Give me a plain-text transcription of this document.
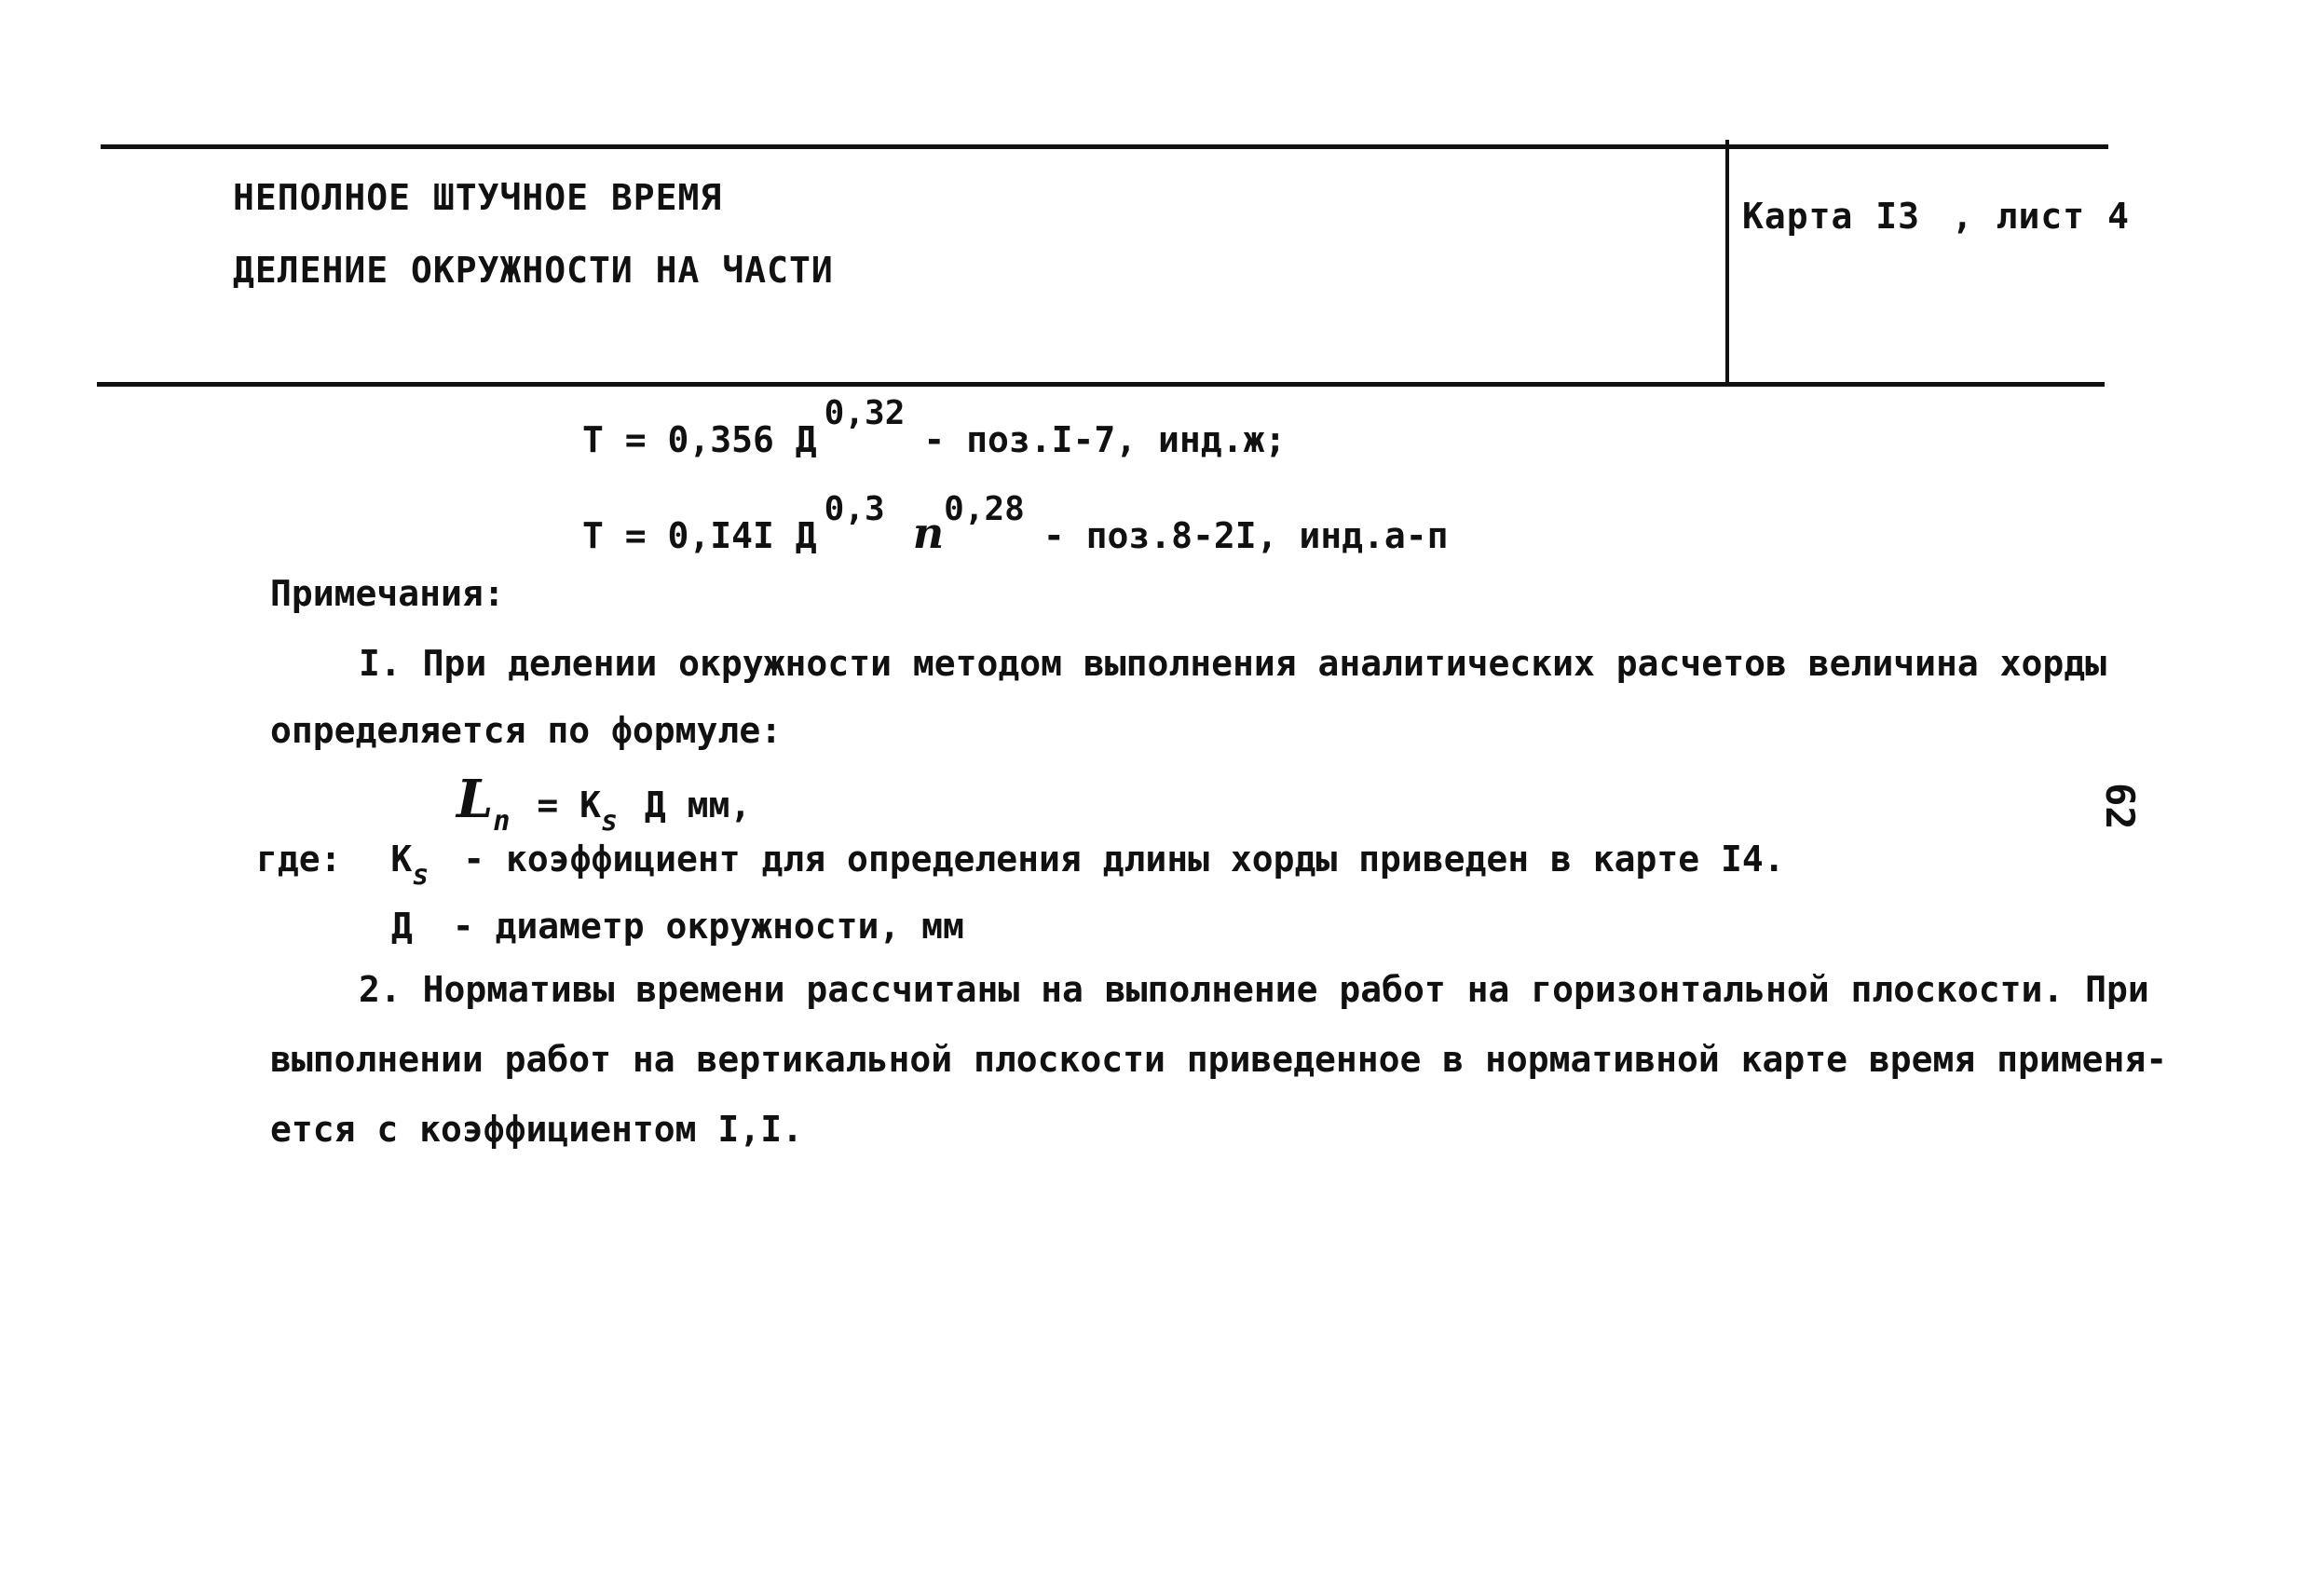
НЕПОЛНОЕ ШТУЧНОЕ ВРЕМЯ
ДЕЛЕНИЕ ОКРУЖНОСТИ НА ЧАСТИ
Карта I3 , лист 4
Т = 0,356 Д0,32- поз.I-7, инд.ж;
Т = 0,I4I Д0,3 n0,28- поз.8-2I, инд.а-п
Примечания:
I. При делении окружности методом выполнения аналитических расчетов величина хорды
определяется по формуле:
$L_n = К_s$ Д мм,
где: $К_s$ - коэффициент для определения длины хорды приведен в карте I4.
Д - диаметр окружности, мм
2. Нормативы времени рассчитаны на выполнение работ на горизонтальной плоскости. При
выполнении работ на вертикальной плоскости приведенное в нормативной карте время применя-
ется с коэффициентом I,I.
62
